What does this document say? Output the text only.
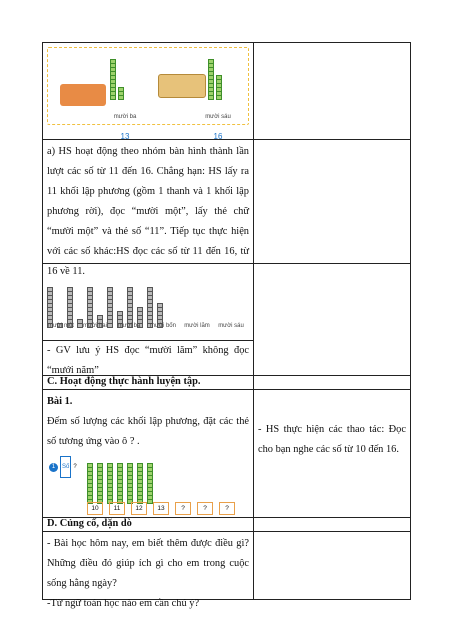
mười ba
13
mười sáu
16
a) HS hoạt động theo nhóm bàn hình thành lần lượt các số từ 11 đến 16. Chẳng hạn: HS lấy ra 11 khối lập phương (gồm 1 thanh và 1 khối lập phương rời), đọc “mười một”, lấy thẻ chữ “mười một” và thẻ số “11”. Tiếp tục thực hiện với các số khác:HS đọc các số từ 11 đến 16, từ 16 về 11.
mười một	mười hai	mười ba	mười bốn mười lăm mười sáu
- GV lưu ý HS đọc “mười lăm” không đọc “mưới năm”
C. Hoạt động thực hành luyện tập.
Bài 1.
Đếm số lượng các khối lập phương, đặt các thẻ số tương ứng vào ô ? .
1	Số ?
10	11	12	13	?	?	?
- HS thực hiện các thao tác: Đọc cho bạn nghe các số từ 10 đến 16.
D. Củng cố, dặn dò
- Bài học hôm nay, em biết thêm được điều gì? Những điều đó giúp ích gì cho em trong cuộc sống hằng ngày?
-Từ ngữ toán học nào em cần chú ý?
